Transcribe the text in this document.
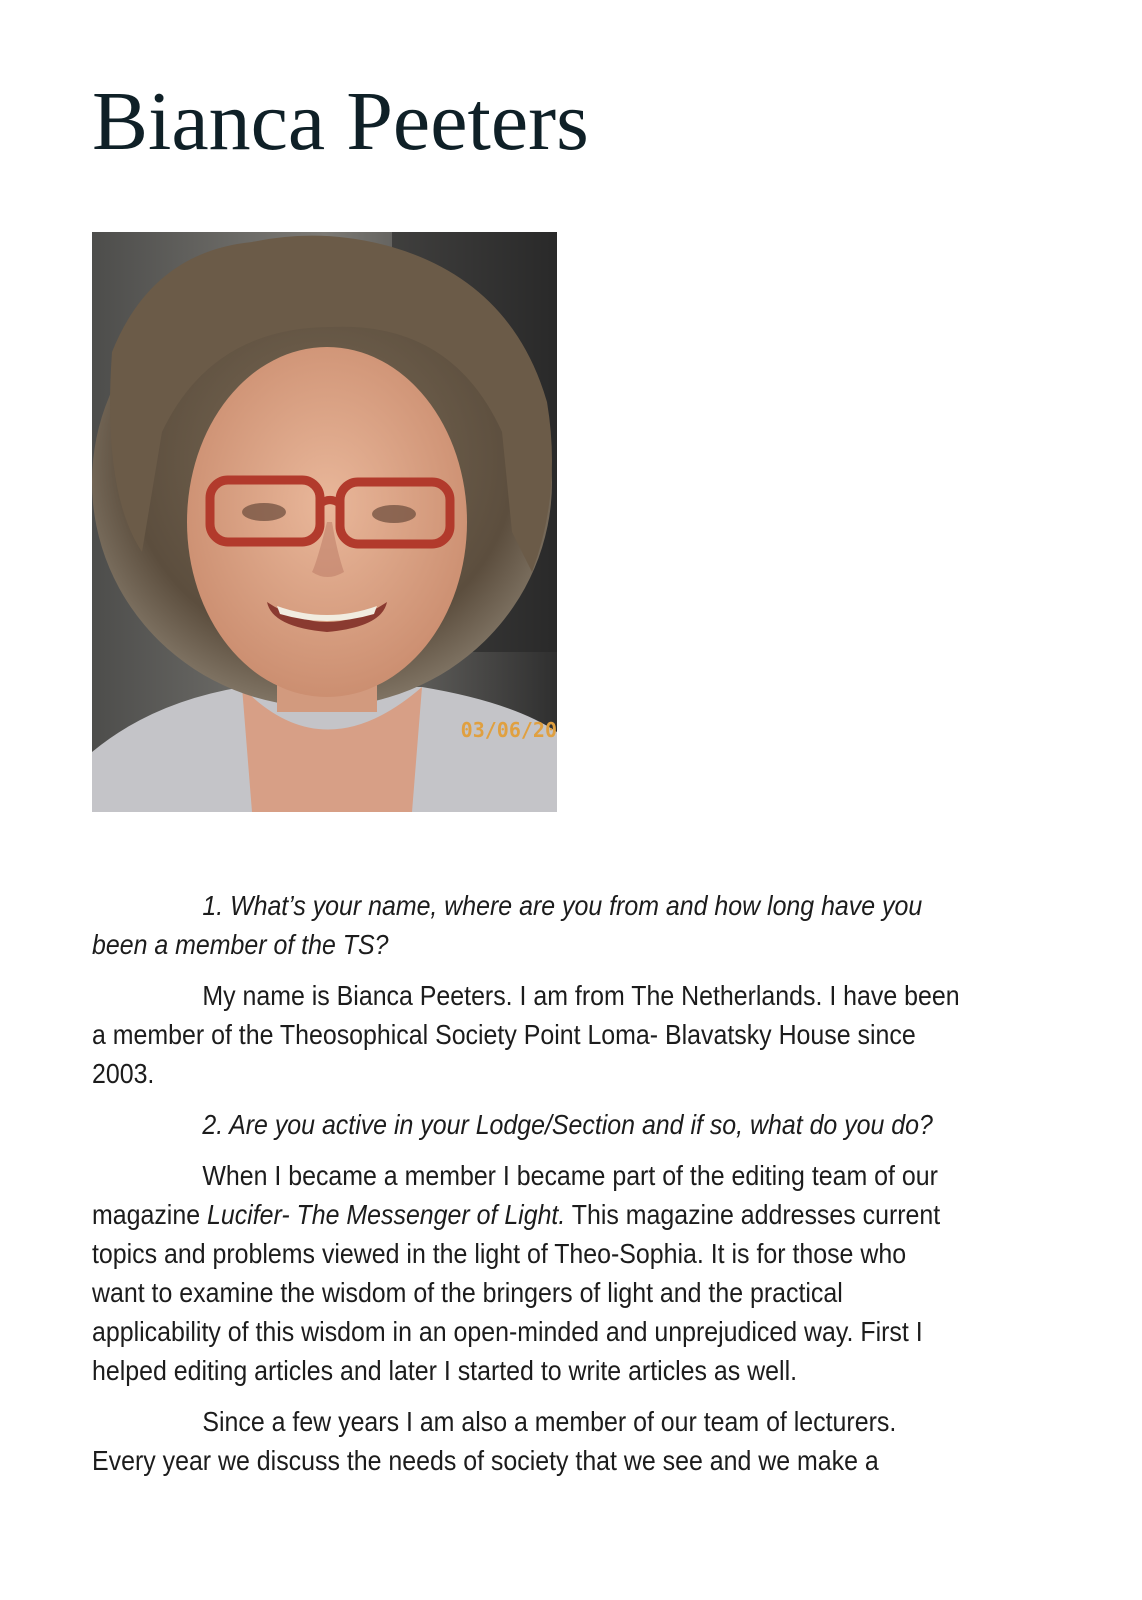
Bianca Peeters
03/06/20

1. What’s your name, where are you from and how long have you been a member of the TS?

My name is Bianca Peeters. I am from The Netherlands. I have been a member of the Theosophical Society Point Loma- Blavatsky House since 2003.

2. Are you active in your Lodge/Section and if so, what do you do?

When I became a member I became part of the editing team of our magazine Lucifer- The Messenger of Light. This magazine addresses current topics and problems viewed in the light of Theo-Sophia. It is for those who want to examine the wisdom of the bringers of light and the practical applicability of this wisdom in an open-minded and unprejudiced way. First I helped editing articles and later I started to write articles as well.

Since a few years I am also a member of our team of lecturers. Every year we discuss the needs of society that we see and we make a
